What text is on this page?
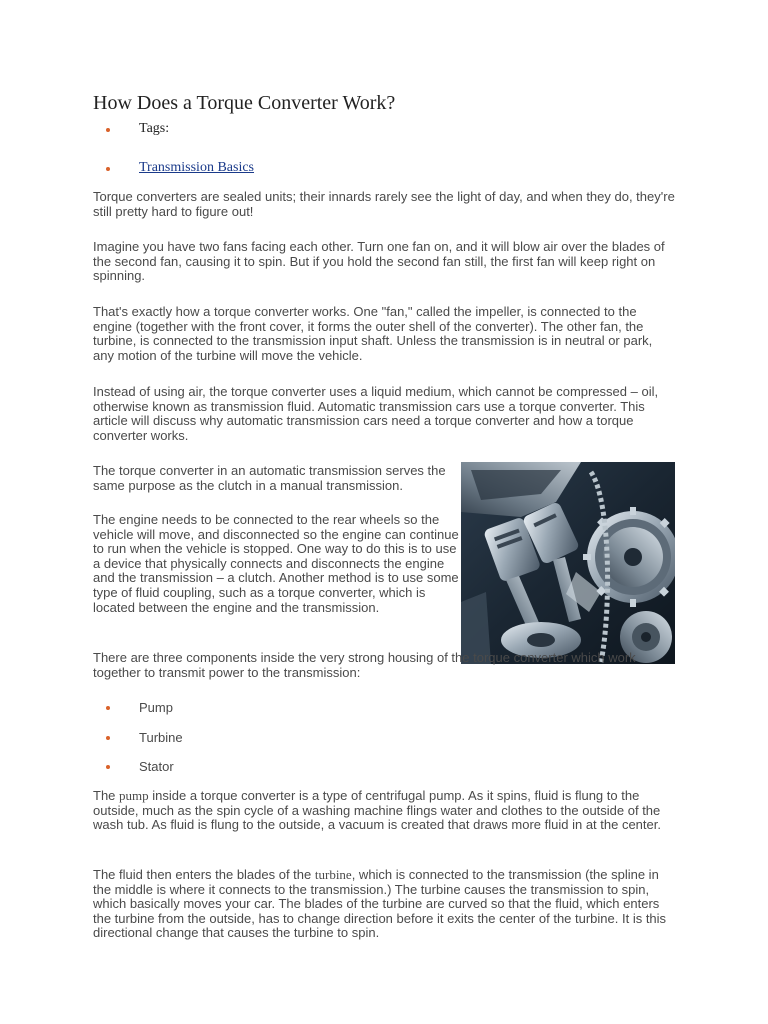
How Does a Torque Converter Work?
Tags:
Transmission Basics

Torque converters are sealed units; their innards rarely see the light of day, and when they do, they're still pretty hard to figure out!

Imagine you have two fans facing each other. Turn one fan on, and it will blow air over the blades of the second fan, causing it to spin. But if you hold the second fan still, the first fan will keep right on spinning.

That's exactly how a torque converter works. One "fan," called the impeller, is connected to the engine (together with the front cover, it forms the outer shell of the converter). The other fan, the turbine, is connected to the transmission input shaft. Unless the transmission is in neutral or park, any motion of the turbine will move the vehicle.

Instead of using air, the torque converter uses a liquid medium, which cannot be compressed – oil, otherwise known as transmission fluid. Automatic transmission cars use a torque converter. This article will discuss why automatic transmission cars need a torque converter and how a torque converter works.

The torque converter in an automatic transmission serves the same purpose as the clutch in a manual transmission.

The engine needs to be connected to the rear wheels so the vehicle will move, and disconnected so the engine can continue to run when the vehicle is stopped. One way to do this is to use a device that physically connects and disconnects the engine and the transmission – a clutch. Another method is to use some type of fluid coupling, such as a torque converter, which is located between the engine and the transmission.

There are three components inside the very strong housing of the torque converter which work together to transmit power to the transmission:

Pump
Turbine
Stator

The pump inside a torque converter is a type of centrifugal pump. As it spins, fluid is flung to the outside, much as the spin cycle of a washing machine flings water and clothes to the outside of the wash tub. As fluid is flung to the outside, a vacuum is created that draws more fluid in at the center.

The fluid then enters the blades of the turbine, which is connected to the transmission (the spline in the middle is where it connects to the transmission.) The turbine causes the transmission to spin, which basically moves your car. The blades of the turbine are curved so that the fluid, which enters the turbine from the outside, has to change direction before it exits the center of the turbine. It is this directional change that causes the turbine to spin.
